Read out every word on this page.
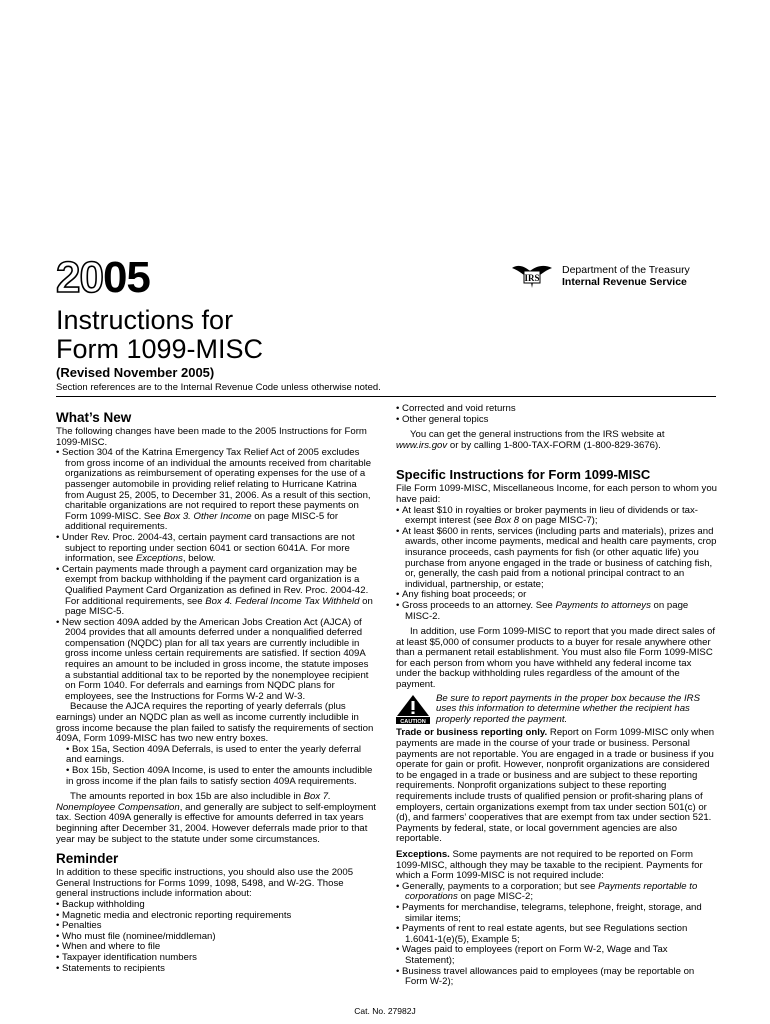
2005	IRS
Department of the Treasury
Internal Revenue Service
Instructions for
Form 1099-MISC
(Revised November 2005)
Section references are to the Internal Revenue Code unless otherwise noted.
What’s New

The following changes have been made to the 2005 Instructions for Form 1099-MISC.

• Section 304 of the Katrina Emergency Tax Relief Act of 2005 excludes from gross income of an individual the amounts received from charitable organizations as reimbursement of operating expenses for the use of a passenger automobile in providing relief relating to Hurricane Katrina from August 25, 2005, to December 31, 2006. As a result of this section, charitable organizations are not required to report these payments on Form 1099-MISC. See Box 3. Other Income on page MISC-5 for additional requirements.

• Under Rev. Proc. 2004-43, certain payment card transactions are not subject to reporting under section 6041 or section 6041A. For more information, see Exceptions, below.

• Certain payments made through a payment card organization may be exempt from backup withholding if the payment card organization is a Qualified Payment Card Organization as defined in Rev. Proc. 2004-42. For additional requirements, see Box 4. Federal Income Tax Withheld on page MISC-5.

• New section 409A added by the American Jobs Creation Act (AJCA) of 2004 provides that all amounts deferred under a nonqualified deferred compensation (NQDC) plan for all tax years are currently includible in gross income unless certain requirements are satisfied. If section 409A requires an amount to be included in gross income, the statute imposes a substantial additional tax to be reported by the nonemployee recipient on Form 1040. For deferrals and earnings from NQDC plans for employees, see the Instructions for Forms W-2 and W-3.

Because the AJCA requires the reporting of yearly deferrals (plus earnings) under an NQDC plan as well as income currently includible in gross income because the plan failed to satisfy the requirements of section 409A, Form 1099-MISC has two new entry boxes.

• Box 15a, Section 409A Deferrals, is used to enter the yearly deferral and earnings.

• Box 15b, Section 409A Income, is used to enter the amounts includible in gross income if the plan fails to satisfy section 409A requirements.

The amounts reported in box 15b are also includible in Box 7. Nonemployee Compensation, and generally are subject to self-employment tax. Section 409A generally is effective for amounts deferred in tax years beginning after December 31, 2004. However deferrals made prior to that year may be subject to the statute under some circumstances.

Reminder

In addition to these specific instructions, you should also use the 2005 General Instructions for Forms 1099, 1098, 5498, and W-2G. Those general instructions include information about:

• Backup withholding

• Magnetic media and electronic reporting requirements

• Penalties

• Who must file (nominee/middleman)

• When and where to file

• Taxpayer identification numbers

• Statements to recipients

• Corrected and void returns

• Other general topics

You can get the general instructions from the IRS website at www.irs.gov or by calling 1-800-TAX-FORM (1-800-829-3676).

Specific Instructions for Form 1099-MISC

File Form 1099-MISC, Miscellaneous Income, for each person to whom you have paid:

• At least $10 in royalties or broker payments in lieu of dividends or tax-exempt interest (see Box 8 on page MISC-7);

• At least $600 in rents, services (including parts and materials), prizes and awards, other income payments, medical and health care payments, crop insurance proceeds, cash payments for fish (or other aquatic life) you purchase from anyone engaged in the trade or business of catching fish, or, generally, the cash paid from a notional principal contract to an individual, partnership, or estate;

• Any fishing boat proceeds; or

• Gross proceeds to an attorney. See Payments to attorneys on page MISC-2.

In addition, use Form 1099-MISC to report that you made direct sales of at least $5,000 of consumer products to a buyer for resale anywhere other than a permanent retail establishment. You must also file Form 1099-MISC for each person from whom you have withheld any federal income tax under the backup withholding rules regardless of the amount of the payment.

CAUTION
Be sure to report payments in the proper box because the IRS uses this information to determine whether the recipient has properly reported the payment.

Trade or business reporting only. Report on Form 1099-MISC only when payments are made in the course of your trade or business. Personal payments are not reportable. You are engaged in a trade or business if you operate for gain or profit. However, nonprofit organizations are considered to be engaged in a trade or business and are subject to these reporting requirements. Nonprofit organizations subject to these reporting requirements include trusts of qualified pension or profit-sharing plans of employers, certain organizations exempt from tax under section 501(c) or (d), and farmers’ cooperatives that are exempt from tax under section 521. Payments by federal, state, or local government agencies are also reportable.

Exceptions. Some payments are not required to be reported on Form 1099-MISC, although they may be taxable to the recipient. Payments for which a Form 1099-MISC is not required include:

• Generally, payments to a corporation; but see Payments reportable to corporations on page MISC-2;

• Payments for merchandise, telegrams, telephone, freight, storage, and similar items;

• Payments of rent to real estate agents, but see Regulations section 1.6041-1(e)(5), Example 5;

• Wages paid to employees (report on Form W-2, Wage and Tax Statement);

• Business travel allowances paid to employees (may be reportable on Form W-2);

Cat. No. 27982J
